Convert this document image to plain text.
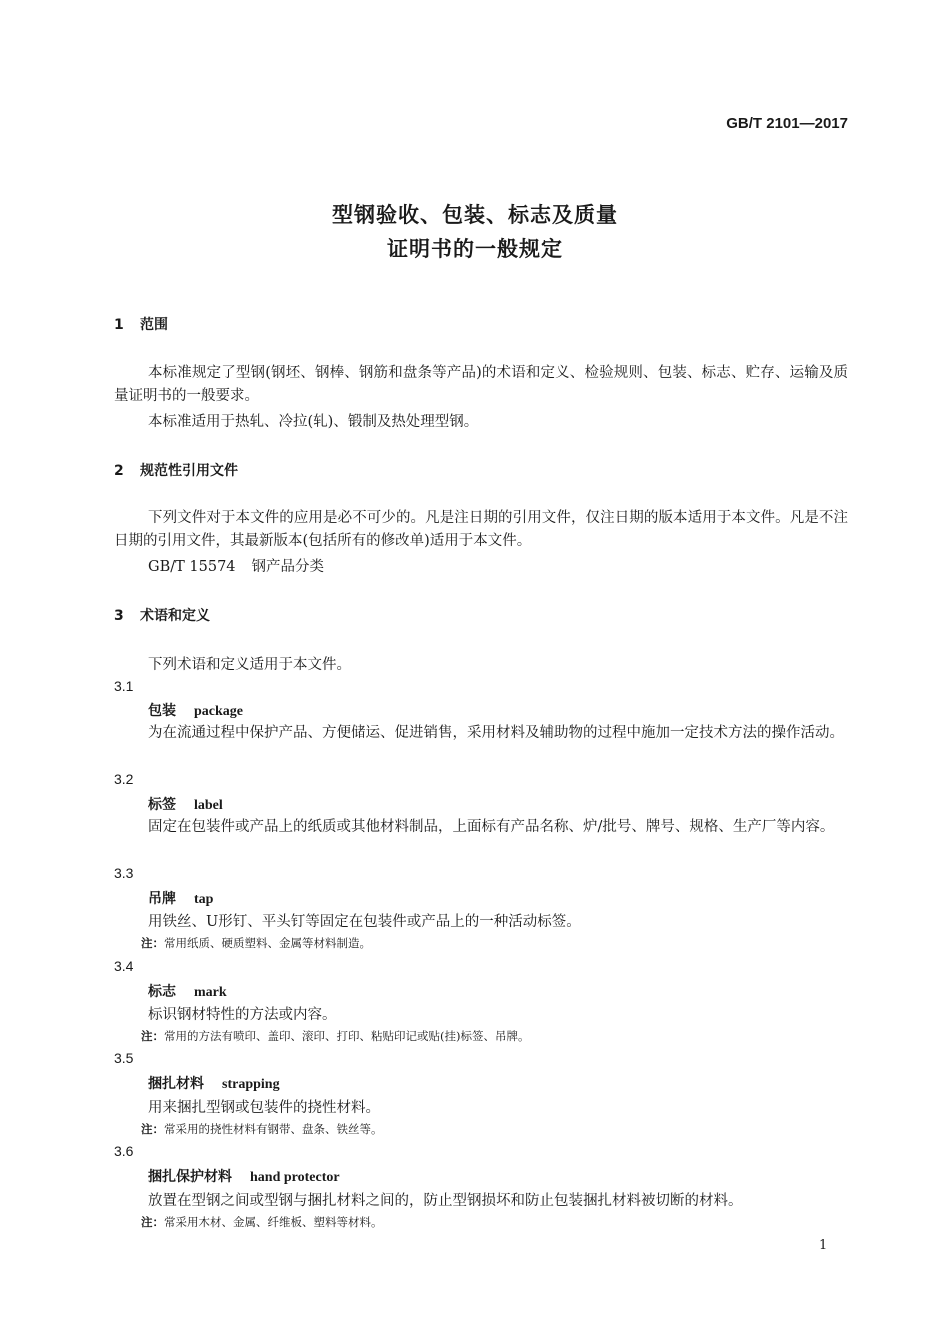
GB/T 2101—2017
型钢验收、包装、标志及质量
证明书的一般规定
1 范围
本标准规定了型钢(钢坯、钢棒、钢筋和盘条等产品)的术语和定义、检验规则、包装、标志、贮存、运输及质量证明书的一般要求。
本标准适用于热轧、冷拉(轧)、锻制及热处理型钢。
2 规范性引用文件
下列文件对于本文件的应用是必不可少的。凡是注日期的引用文件，仅注日期的版本适用于本文件。凡是不注日期的引用文件，其最新版本(包括所有的修改单)适用于本文件。
GB/T 15574 钢产品分类
3 术语和定义
下列术语和定义适用于本文件。
3.1
包装 package
为在流通过程中保护产品、方便储运、促进销售，采用材料及辅助物的过程中施加一定技术方法的操作活动。
3.2
标签 label
固定在包装件或产品上的纸质或其他材料制品，上面标有产品名称、炉/批号、牌号、规格、生产厂等内容。
3.3
吊牌 tap
用铁丝、U形钉、平头钉等固定在包装件或产品上的一种活动标签。
注：常用纸质、硬质塑料、金属等材料制造。
3.4
标志 mark
标识钢材特性的方法或内容。
注：常用的方法有喷印、盖印、滚印、打印、粘贴印记或贴(挂)标签、吊牌。
3.5
捆扎材料 strapping
用来捆扎型钢或包装件的挠性材料。
注：常采用的挠性材料有钢带、盘条、铁丝等。
3.6
捆扎保护材料 hand protector
放置在型钢之间或型钢与捆扎材料之间的，防止型钢损坏和防止包装捆扎材料被切断的材料。
注：常采用木材、金属、纤维板、塑料等材料。
1
